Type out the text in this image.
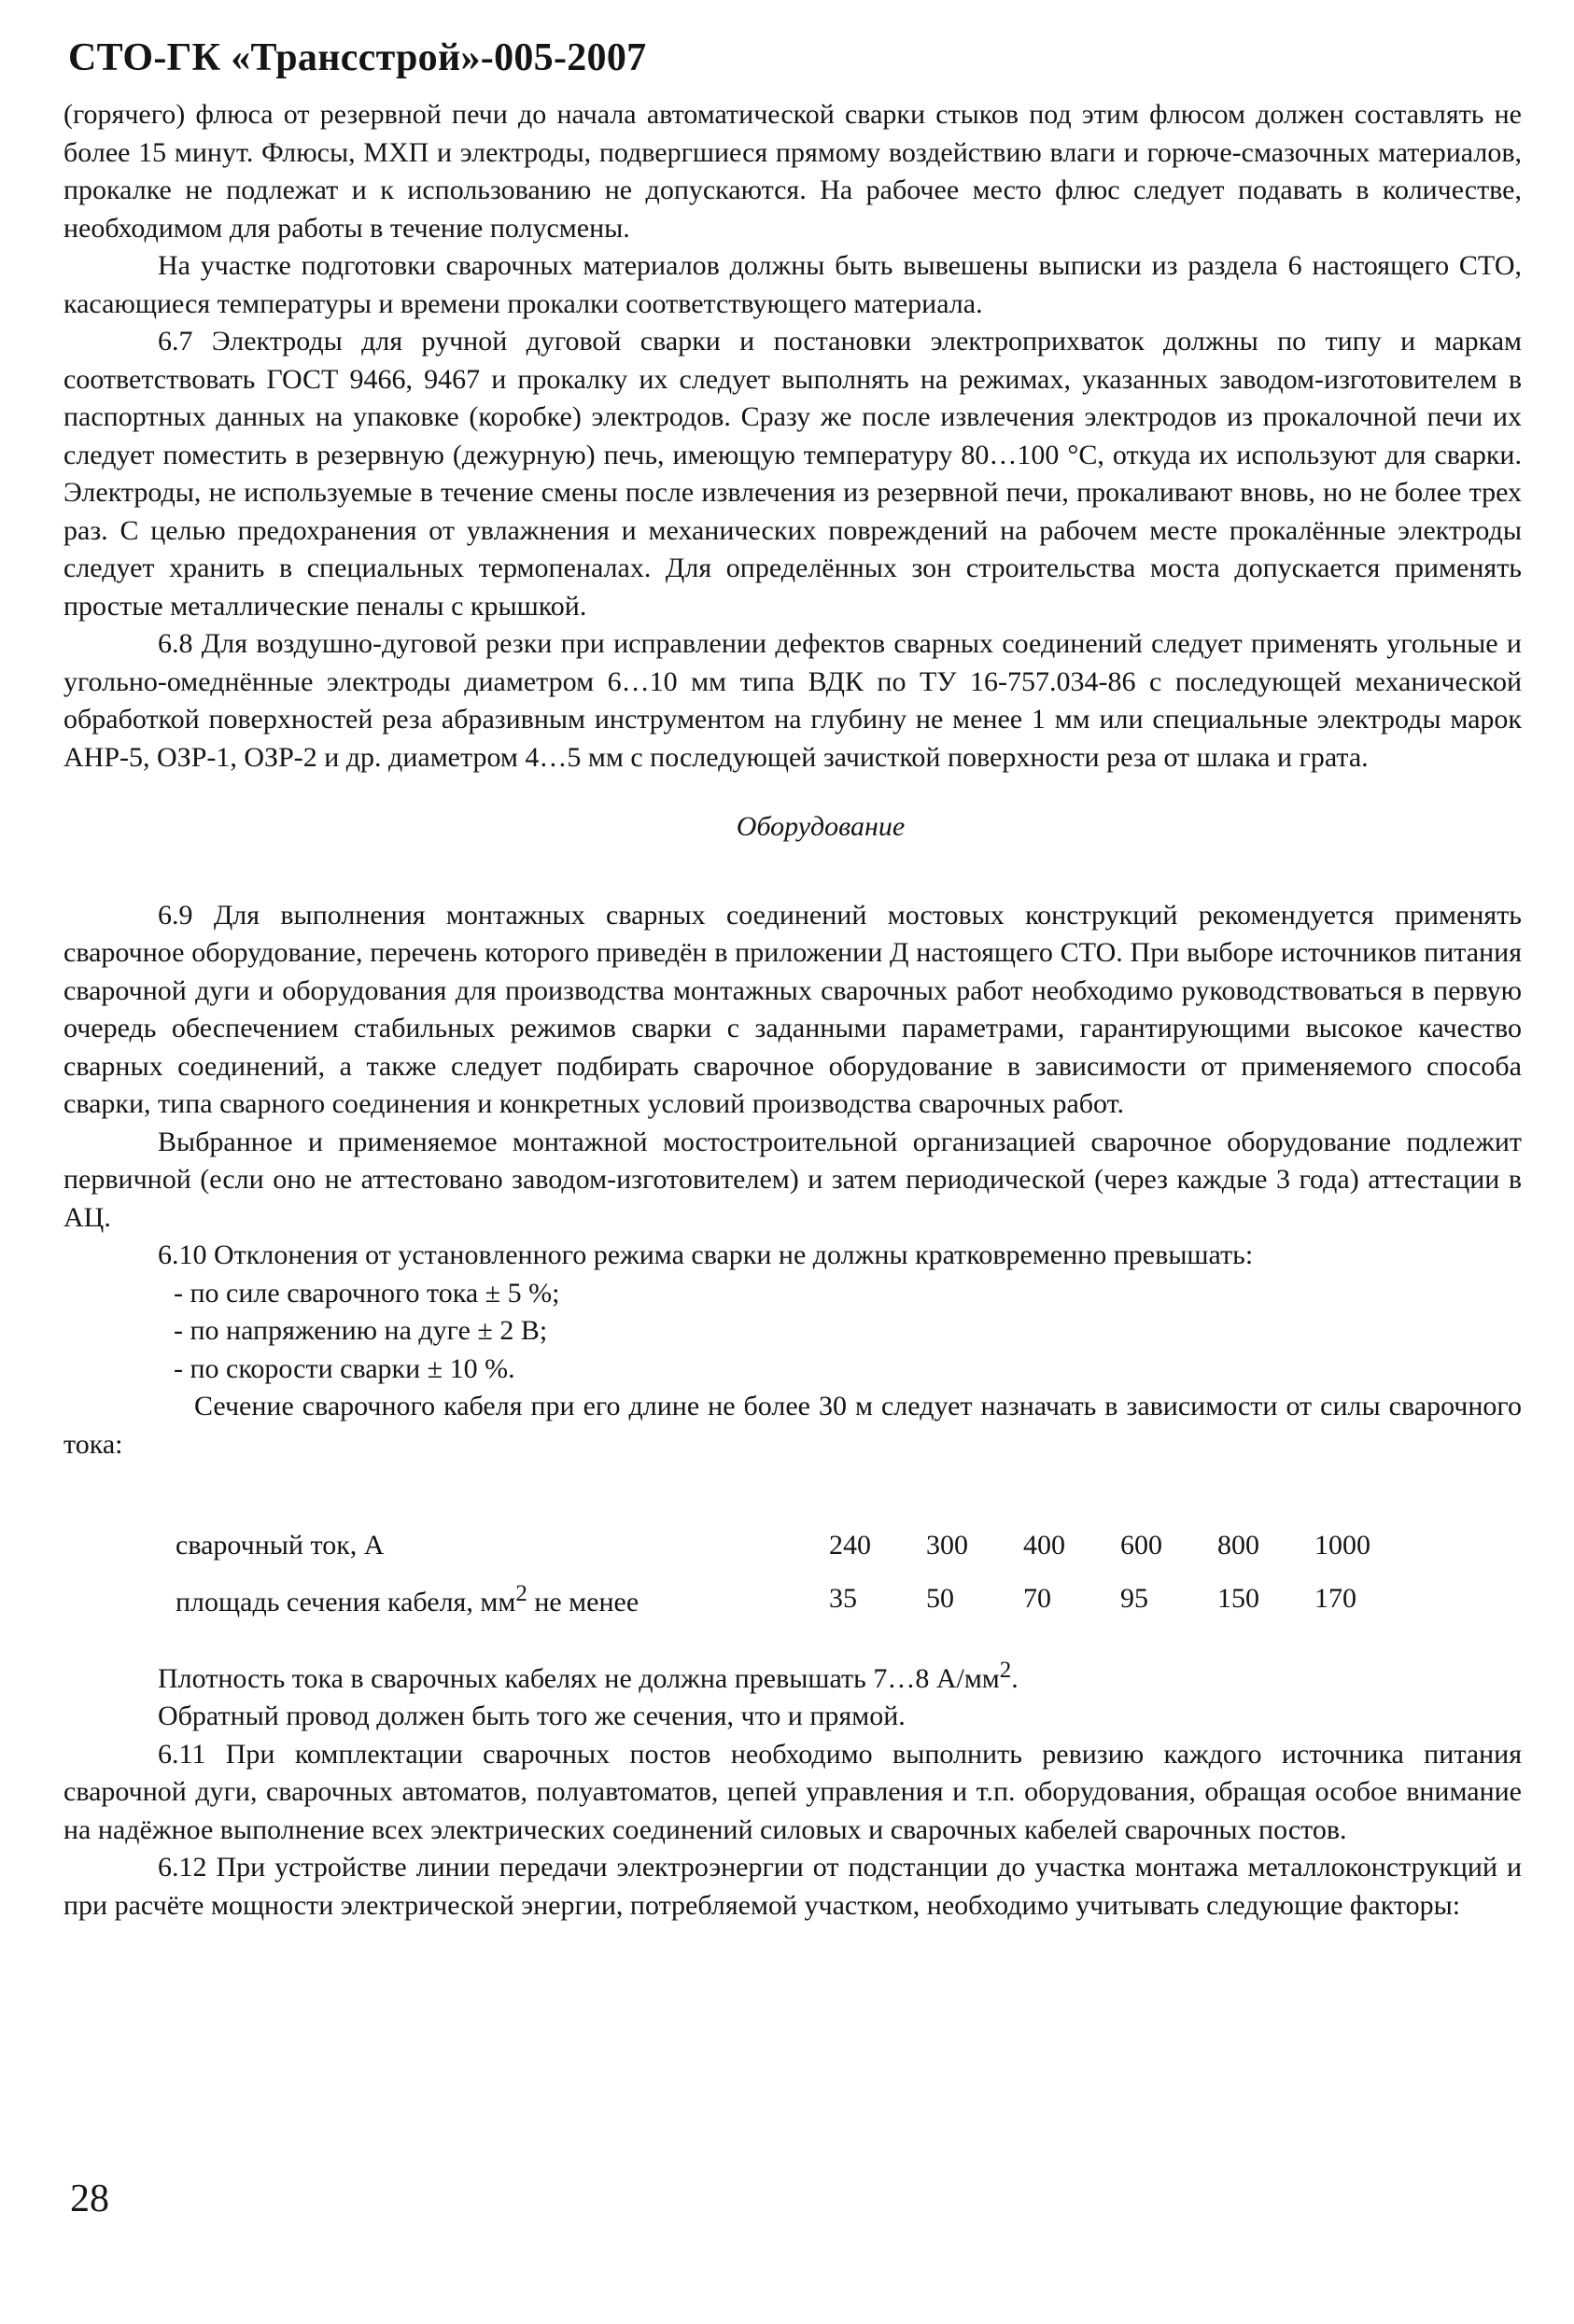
СТО-ГК «Трансстрой»-005-2007

(горячего) флюса от резервной печи до начала автоматической сварки стыков под этим флюсом должен составлять не более 15 минут. Флюсы, МХП и электроды, подвергшиеся прямому воздействию влаги и горюче-смазочных материалов, прокалке не подлежат и к использованию не допускаются. На рабочее место флюс следует подавать в количестве, необходимом для работы в течение полусмены.

На участке подготовки сварочных материалов должны быть вывешены выписки из раздела 6 настоящего СТО, касающиеся температуры и времени прокалки соответствующего материала.

6.7 Электроды для ручной дуговой сварки и постановки электроприхваток должны по типу и маркам соответствовать ГОСТ 9466, 9467 и прокалку их следует выполнять на режимах, указанных заводом-изготовителем в паспортных данных на упаковке (коробке) электродов. Сразу же после извлечения электродов из прокалочной печи их следует поместить в резервную (дежурную) печь, имеющую температуру 80…100 °С, откуда их используют для сварки. Электроды, не используемые в течение смены после извлечения из резервной печи, прокаливают вновь, но не более трех раз. С целью предохранения от увлажнения и механических повреждений на рабочем месте прокалённые электроды следует хранить в специальных термопеналах. Для определённых зон строительства моста допускается применять простые металлические пеналы с крышкой.

6.8 Для воздушно-дуговой резки при исправлении дефектов сварных соединений следует применять угольные и угольно-омеднённые электроды диаметром 6…10 мм типа ВДК по ТУ 16-757.034-86 с последующей механической обработкой поверхностей реза абразивным инструментом на глубину не менее 1 мм или специальные электроды марок АНР-5, ОЗР-1, ОЗР-2 и др. диаметром 4…5 мм с последующей зачисткой поверхности реза от шлака и грата.

Оборудование

6.9 Для выполнения монтажных сварных соединений мостовых конструкций рекомендуется применять сварочное оборудование, перечень которого приведён в приложении Д настоящего СТО. При выборе источников питания сварочной дуги и оборудования для производства монтажных сварочных работ необходимо руководствоваться в первую очередь обеспечением стабильных режимов сварки с заданными параметрами, гарантирующими высокое качество сварных соединений, а также следует подбирать сварочное оборудование в зависимости от применяемого способа сварки, типа сварного соединения и конкретных условий производства сварочных работ.

Выбранное и применяемое монтажной мостостроительной организацией сварочное оборудование подлежит первичной (если оно не аттестовано заводом-изготовителем) и затем периодической (через каждые 3 года) аттестации в АЦ.

6.10 Отклонения от установленного режима сварки не должны кратковременно превышать:

- по силе сварочного тока ± 5 %;

- по напряжению на дуге ± 2 В;

- по скорости сварки ± 10 %.

Сечение сварочного кабеля при его длине не более 30 м следует назначать в зависимости от силы сварочного тока:

сварочный ток, А	240	300	400	600	800	1000
площадь сечения кабеля, $мм^2$ не менее	35	50	70	95	150	170

Плотность тока в сварочных кабелях не должна превышать 7…8 $А/мм^2$.

Обратный провод должен быть того же сечения, что и прямой.

6.11 При комплектации сварочных постов необходимо выполнить ревизию каждого источника питания сварочной дуги, сварочных автоматов, полуавтоматов, цепей управления и т.п. оборудования, обращая особое внимание на надёжное выполнение всех электрических соединений силовых и сварочных кабелей сварочных постов.

6.12 При устройстве линии передачи электроэнергии от подстанции до участка монтажа металлоконструкций и при расчёте мощности электрической энергии, потребляемой участком, необходимо учитывать следующие факторы:

28
